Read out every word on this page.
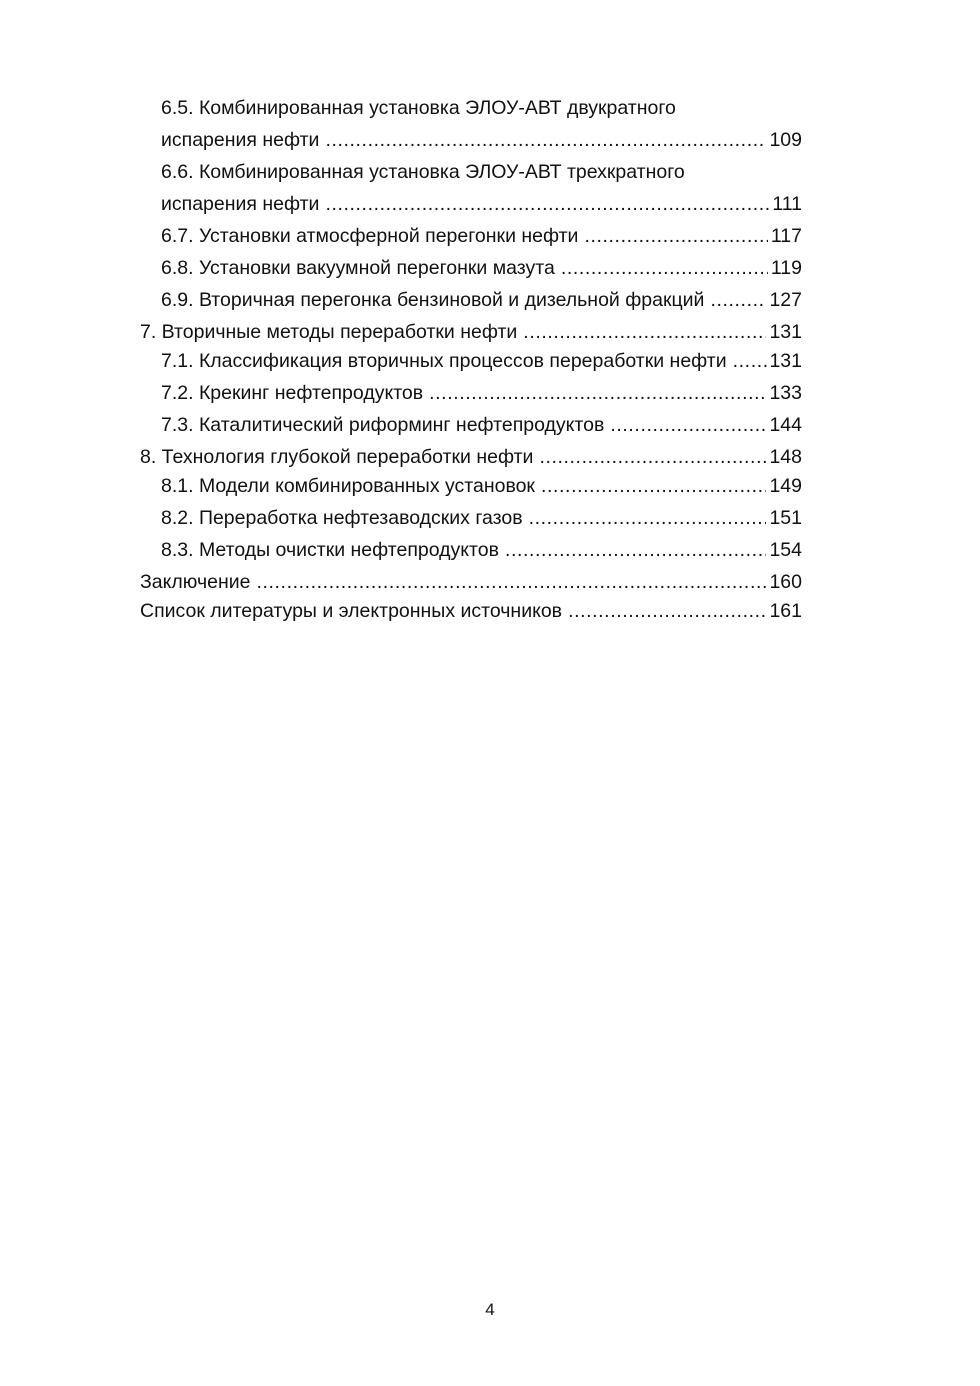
6.5. Комбинированная установка ЭЛОУ-АВТ двукратного
испарения нефти .....	109
6.6. Комбинированная установка ЭЛОУ-АВТ трехкратного
испарения нефти .....	111
6.7. Установки атмосферной перегонки нефти .....	117
6.8. Установки вакуумной перегонки мазута .....	119
6.9. Вторичная перегонка бензиновой и дизельной фракций .....	127
7. Вторичные методы переработки нефти .....	131
7.1. Классификация вторичных процессов переработки нефти .....	131
7.2. Крекинг нефтепродуктов .....	133
7.3. Каталитический риформинг нефтепродуктов .....	144
8. Технология глубокой переработки нефти .....	148
8.1. Модели комбинированных установок .....	149
8.2. Переработка нефтезаводских газов .....	151
8.3. Методы очистки нефтепродуктов .....	154
Заключение .....	160
Список литературы и электронных источников .....	161
4
